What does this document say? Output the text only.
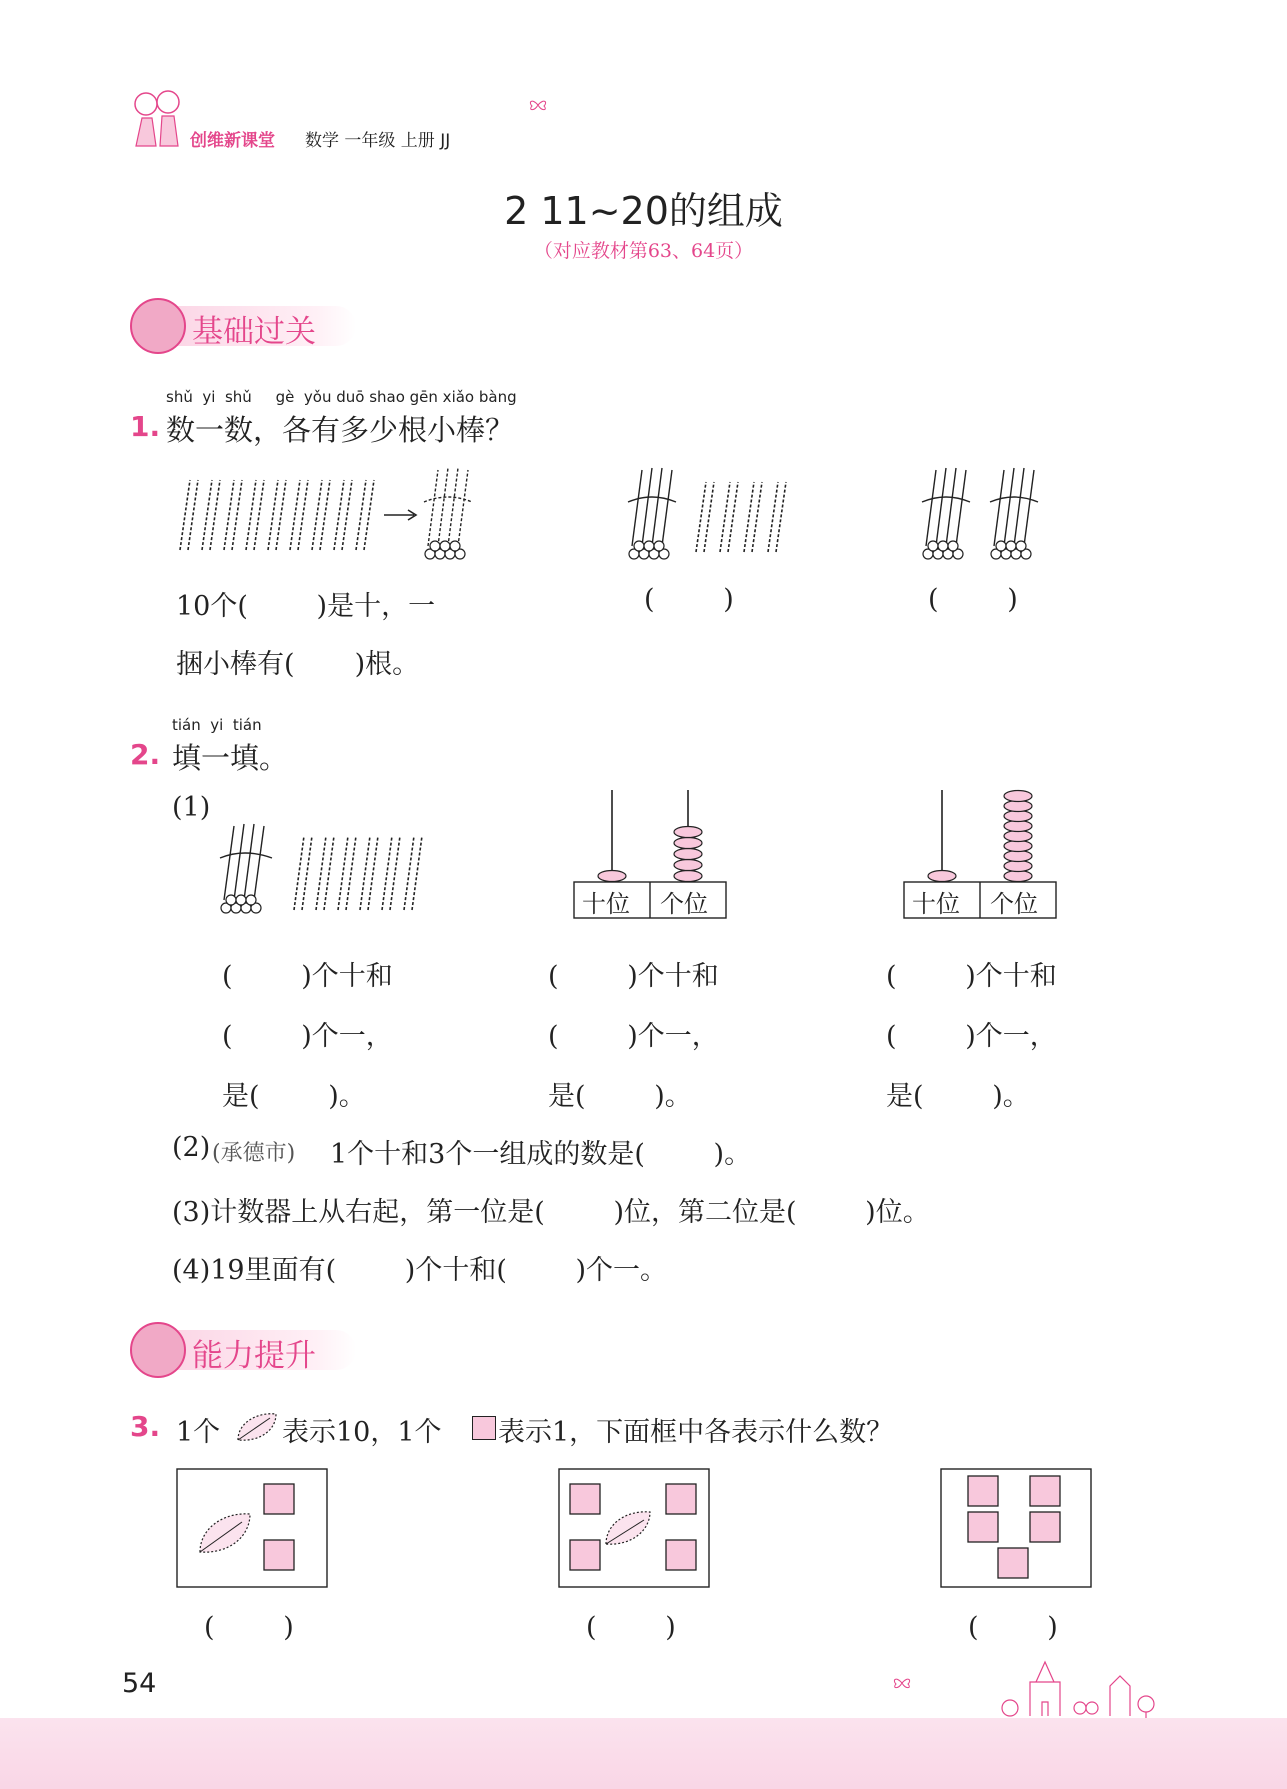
创维新课堂 数学 一年级 上册 JJ
2 11~20的组成
（对应教材第63、64页）
基础过关
shǔ  yi  shǔ     gè  yǒu duō shao gēn xiǎo bàng
1. 数一数，各有多少根小棒？
10个(        )是十，一
捆小棒有(       )根。
(        )	(        )
tián  yi  tián
2. 填一填。
(1)
十位 个位	十位 个位
(        )个十和
(        )个一，
是(        )。
(        )个十和
(        )个一，
是(        )。
(        )个十和
(        )个一，
是(        )。
(2) (承德市) 1个十和3个一组成的数是(        )。
(3)计数器上从右起，第一位是(        )位，第二位是(        )位。
(4)19里面有(        )个十和(        )个一。
能力提升
3. 1个 表示10，1个 表示1，下面框中各表示什么数？
(        )	(        )	(        )
54
